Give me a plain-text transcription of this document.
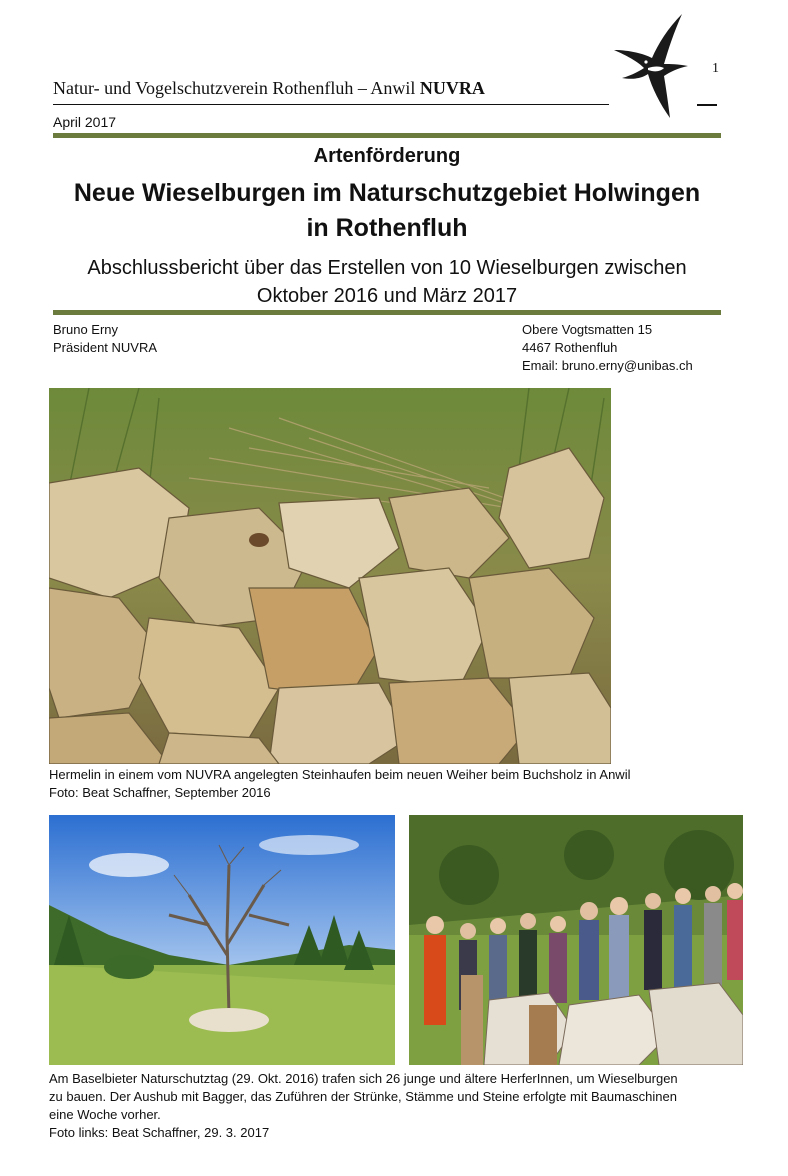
Natur- und Vogelschutzverein Rothenfluh – Anwil NUVRA
1
April 2017
Artenförderung
Neue Wieselburgen im Naturschutzgebiet Holwingen
in Rothenfluh
Abschlussbericht über das Erstellen von 10 Wieselburgen zwischen
Oktober 2016 und März 2017
Bruno Erny
Präsident NUVRA
Obere Vogtsmatten 15
4467 Rothenfluh
Email: bruno.erny@unibas.ch
Hermelin in einem vom NUVRA angelegten Steinhaufen beim neuen Weiher beim Buchsholz in Anwil
Foto: Beat Schaffner, September 2016
Am Baselbieter Naturschutztag (29. Okt. 2016) trafen sich 26 junge und ältere HerferInnen, um Wieselburgen
zu bauen. Der Aushub mit Bagger, das Zuführen der Strünke, Stämme und Steine erfolgte mit Baumaschinen
eine Woche vorher.
Foto links: Beat Schaffner, 29. 3. 2017
